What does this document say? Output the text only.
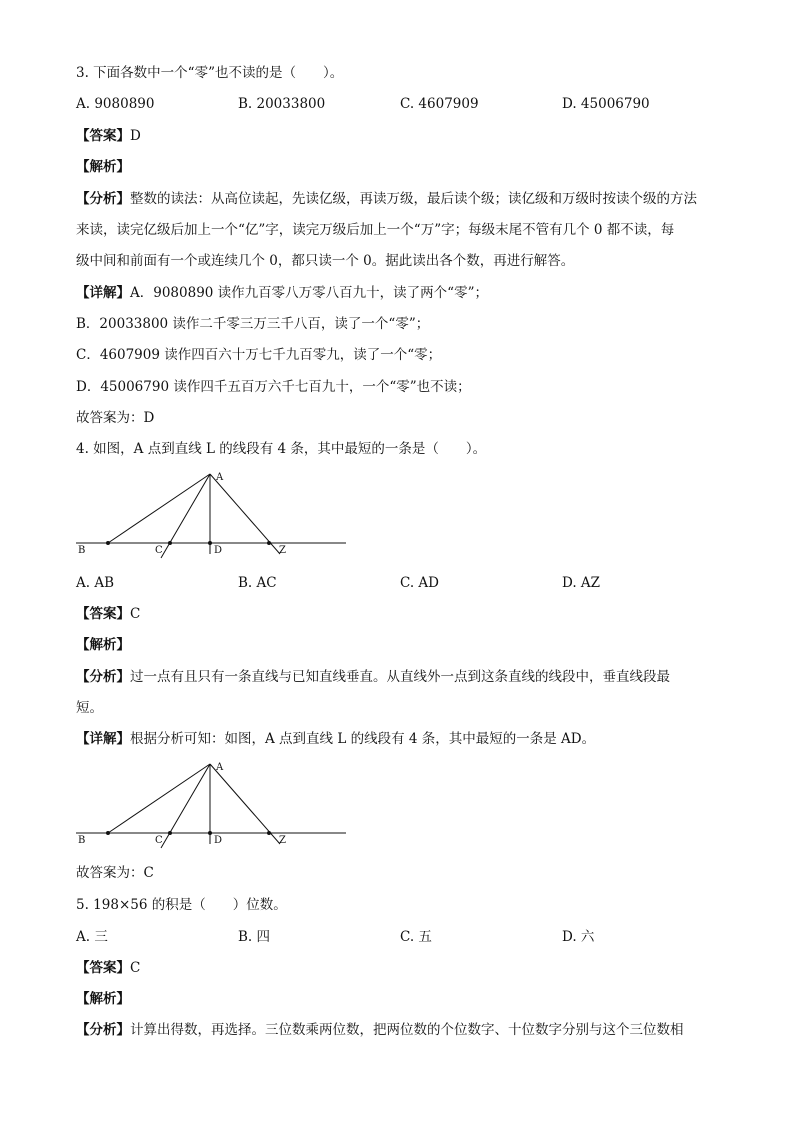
3. 下面各数中一个“零”也不读的是（　　）。
A. 9080890	B. 20033800	C. 4607909	D. 45006790
【答案】D
【解析】
【分析】整数的读法：从高位读起，先读亿级，再读万级，最后读个级；读亿级和万级时按读个级的方法
来读，读完亿级后加上一个“亿”字，读完万级后加上一个“万”字；每级末尾不管有几个 0 都不读，每
级中间和前面有一个或连续几个 0，都只读一个 0。据此读出各个数，再进行解答。
【详解】A．9080890 读作九百零八万零八百九十，读了两个“零”；
B．20033800 读作二千零三万三千八百，读了一个“零”；
C．4607909 读作四百六十万七千九百零九，读了一个“零；
D．45006790 读作四千五百万六千七百九十，一个“零”也不读；
故答案为：D
4. 如图，A 点到直线 L 的线段有 4 条，其中最短的一条是（　　）。
A
B	C	D	Z
A. AB	B. AC	C. AD	D. AZ
【答案】C
【解析】
【分析】过一点有且只有一条直线与已知直线垂直。从直线外一点到这条直线的线段中，垂直线段最
短。
【详解】根据分析可知：如图，A 点到直线 L 的线段有 4 条，其中最短的一条是 AD。
A
B	C	D	Z
故答案为：C
5. 198×56 的积是（　　）位数。
A. 三	B. 四	C. 五	D. 六
【答案】C
【解析】
【分析】计算出得数，再选择。三位数乘两位数，把两位数的个位数字、十位数字分别与这个三位数相
